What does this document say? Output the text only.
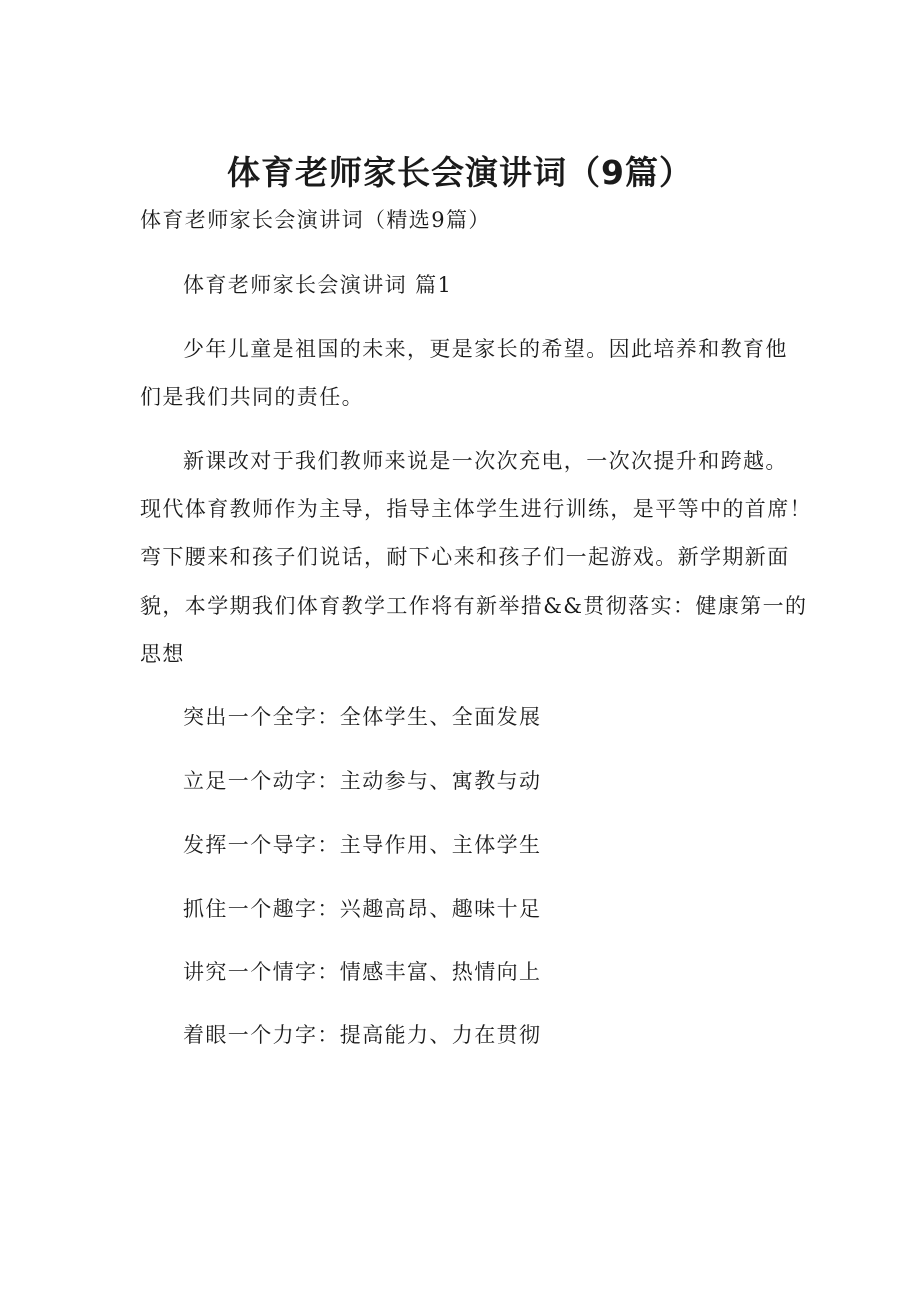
体育老师家长会演讲词（9篇）
体育老师家长会演讲词（精选9篇）
体育老师家长会演讲词 篇1
少年儿童是祖国的未来，更是家长的希望。因此培养和教育他
们是我们共同的责任。
新课改对于我们教师来说是一次次充电，一次次提升和跨越。
现代体育教师作为主导，指导主体学生进行训练，是平等中的首席！
弯下腰来和孩子们说话，耐下心来和孩子们一起游戏。新学期新面
貌，本学期我们体育教学工作将有新举措&&贯彻落实：健康第一的
思想
突出一个全字：全体学生、全面发展
立足一个动字：主动参与、寓教与动
发挥一个导字：主导作用、主体学生
抓住一个趣字：兴趣高昂、趣味十足
讲究一个情字：情感丰富、热情向上
着眼一个力字：提高能力、力在贯彻
